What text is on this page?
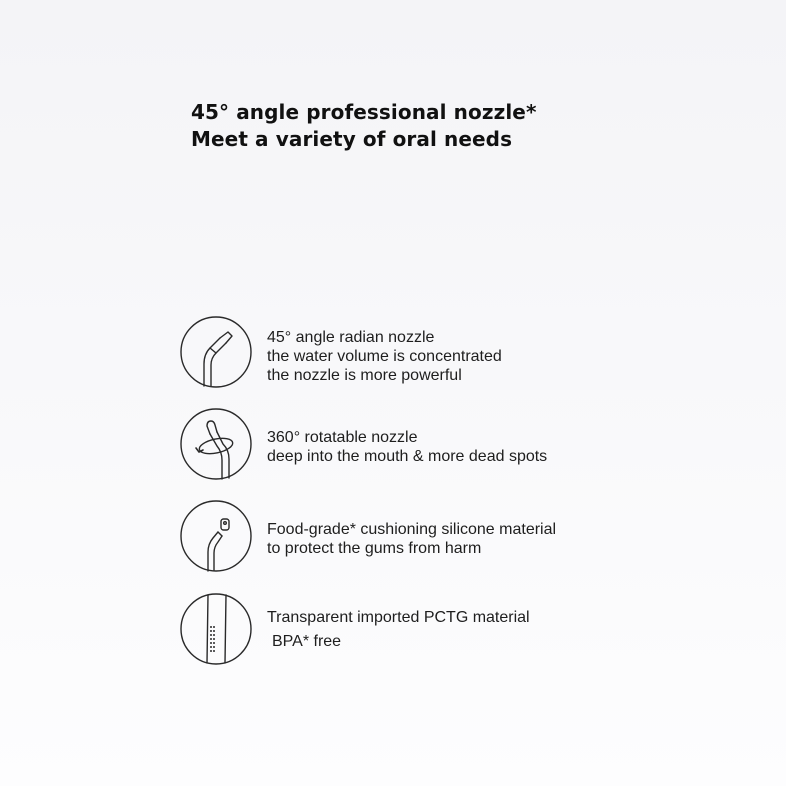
45° angle professional nozzle*
Meet a variety of oral needs
45° angle radian nozzle
the water volume is concentrated
the nozzle is more powerful
360° rotatable nozzle
deep into the mouth & more dead spots
Food-grade* cushioning silicone material
to protect the gums from harm
Transparent imported PCTG material
BPA* free
